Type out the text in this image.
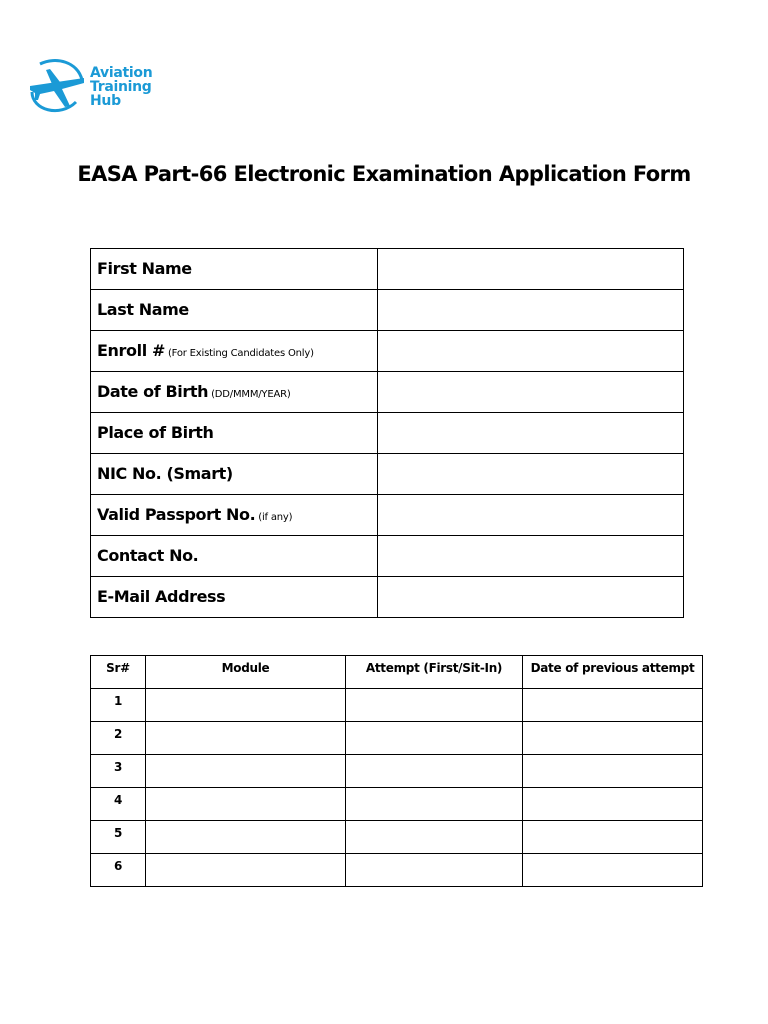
Aviation
Training
Hub
EASA Part-66 Electronic Examination Application Form
First Name	
Last Name	
Enroll # (For Existing Candidates Only)	
Date of Birth (DD/MMM/YEAR)	
Place of Birth	
NIC No. (Smart)	
Valid Passport No. (if any)	
Contact No.	
E-Mail Address	
Sr#	Module	Attempt (First/Sit-In)	Date of previous attempt
1			
2			
3			
4			
5			
6			
